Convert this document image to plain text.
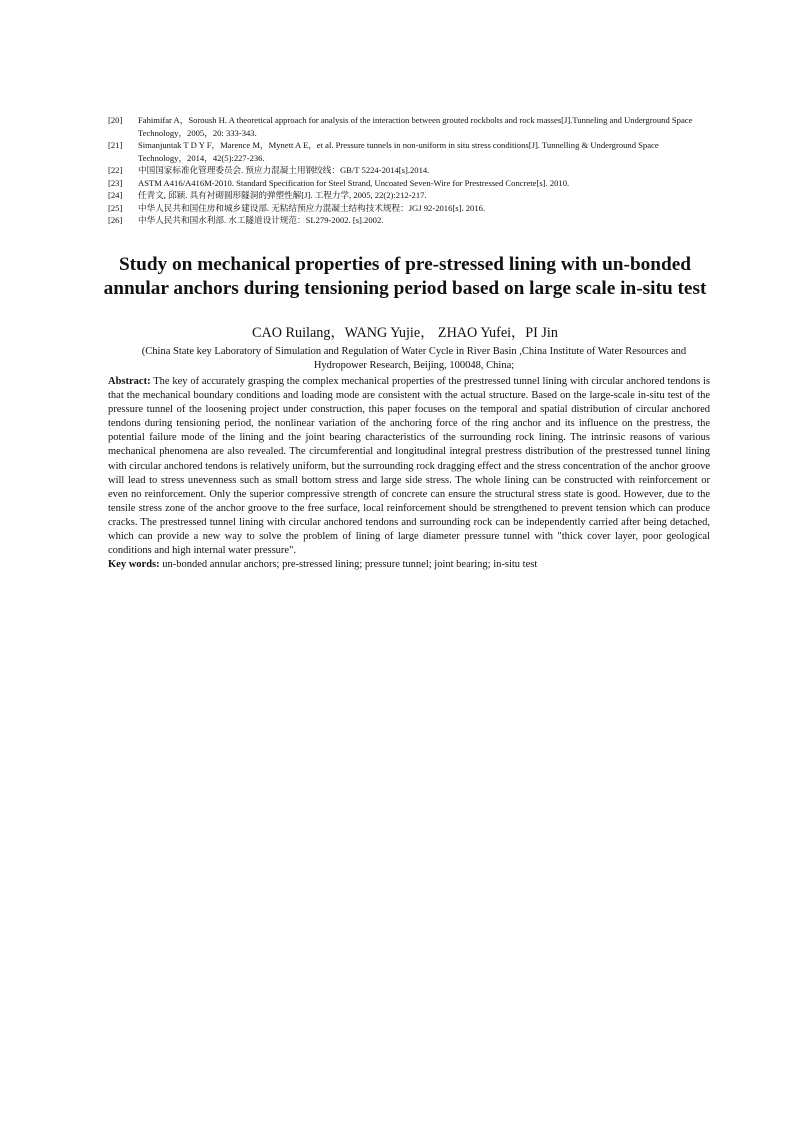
[20] Fahimifar A，Soroush H. A theoretical approach for analysis of the interaction between grouted rockbolts and rock masses[J].Tunneling and Underground Space Technology，2005，20: 333-343.
[21] Simanjuntak T D Y F，Marence M，Mynett A E，et al. Pressure tunnels in non-uniform in situ stress conditions[J]. Tunnelling & Underground Space Technology，2014，42(5):227-236.
[22] 中国国家标准化管理委员会. 预应力混凝土用钢绞线：GB/T 5224-2014[s].2014.
[23] ASTM A416/A416M-2010. Standard Specification for Steel Strand, Uncoated Seven-Wire for Prestressed Concrete[s]. 2010.
[24] 任青文, 邱颖. 具有衬砌圆形隧洞的弹塑性解[J]. 工程力学, 2005, 22(2):212-217.
[25] 中华人民共和国住房和城乡建设部. 无粘结预应力混凝土结构技术规程：JGJ 92-2016[s]. 2016.
[26] 中华人民共和国水利部. 水工隧道设计规范：SL279-2002. [s].2002.
Study on mechanical properties of pre-stressed lining with un-bonded annular anchors during tensioning period based on large scale in-situ test
CAO Ruilang，WANG Yujie， ZHAO Yufei，PI Jin
(China State key Laboratory of Simulation and Regulation of Water Cycle in River Basin ,China Institute of Water Resources and Hydropower Research, Beijing, 100048, China;

Abstract: The key of accurately grasping the complex mechanical properties of the prestressed tunnel lining with circular anchored tendons is that the mechanical boundary conditions and loading mode are consistent with the actual structure. Based on the large-scale in-situ test of the pressure tunnel of the loosening project under construction, this paper focuses on the temporal and spatial distribution of circular anchored tendons during tensioning period, the nonlinear variation of the anchoring force of the ring anchor and its influence on the prestress, the potential failure mode of the lining and the joint bearing characteristics of the surrounding rock lining. The intrinsic reasons of various mechanical phenomena are also revealed. The circumferential and longitudinal integral prestress distribution of the prestressed tunnel lining with circular anchored tendons is relatively uniform, but the surrounding rock dragging effect and the stress concentration of the anchor groove will lead to stress unevenness such as small bottom stress and large side stress. The whole lining can be constructed with reinforcement or even no reinforcement. Only the superior compressive strength of concrete can ensure the structural stress state is good. However, due to the tensile stress zone of the anchor groove to the free surface, local reinforcement should be strengthened to prevent tension which can produce cracks. The prestressed tunnel lining with circular anchored tendons and surrounding rock can be independently carried after being detached, which can provide a new way to solve the problem of lining of large diameter pressure tunnel with "thick cover layer, poor geological conditions and high internal water pressure".

Key words: un-bonded annular anchors; pre-stressed lining; pressure tunnel; joint bearing; in-situ test
